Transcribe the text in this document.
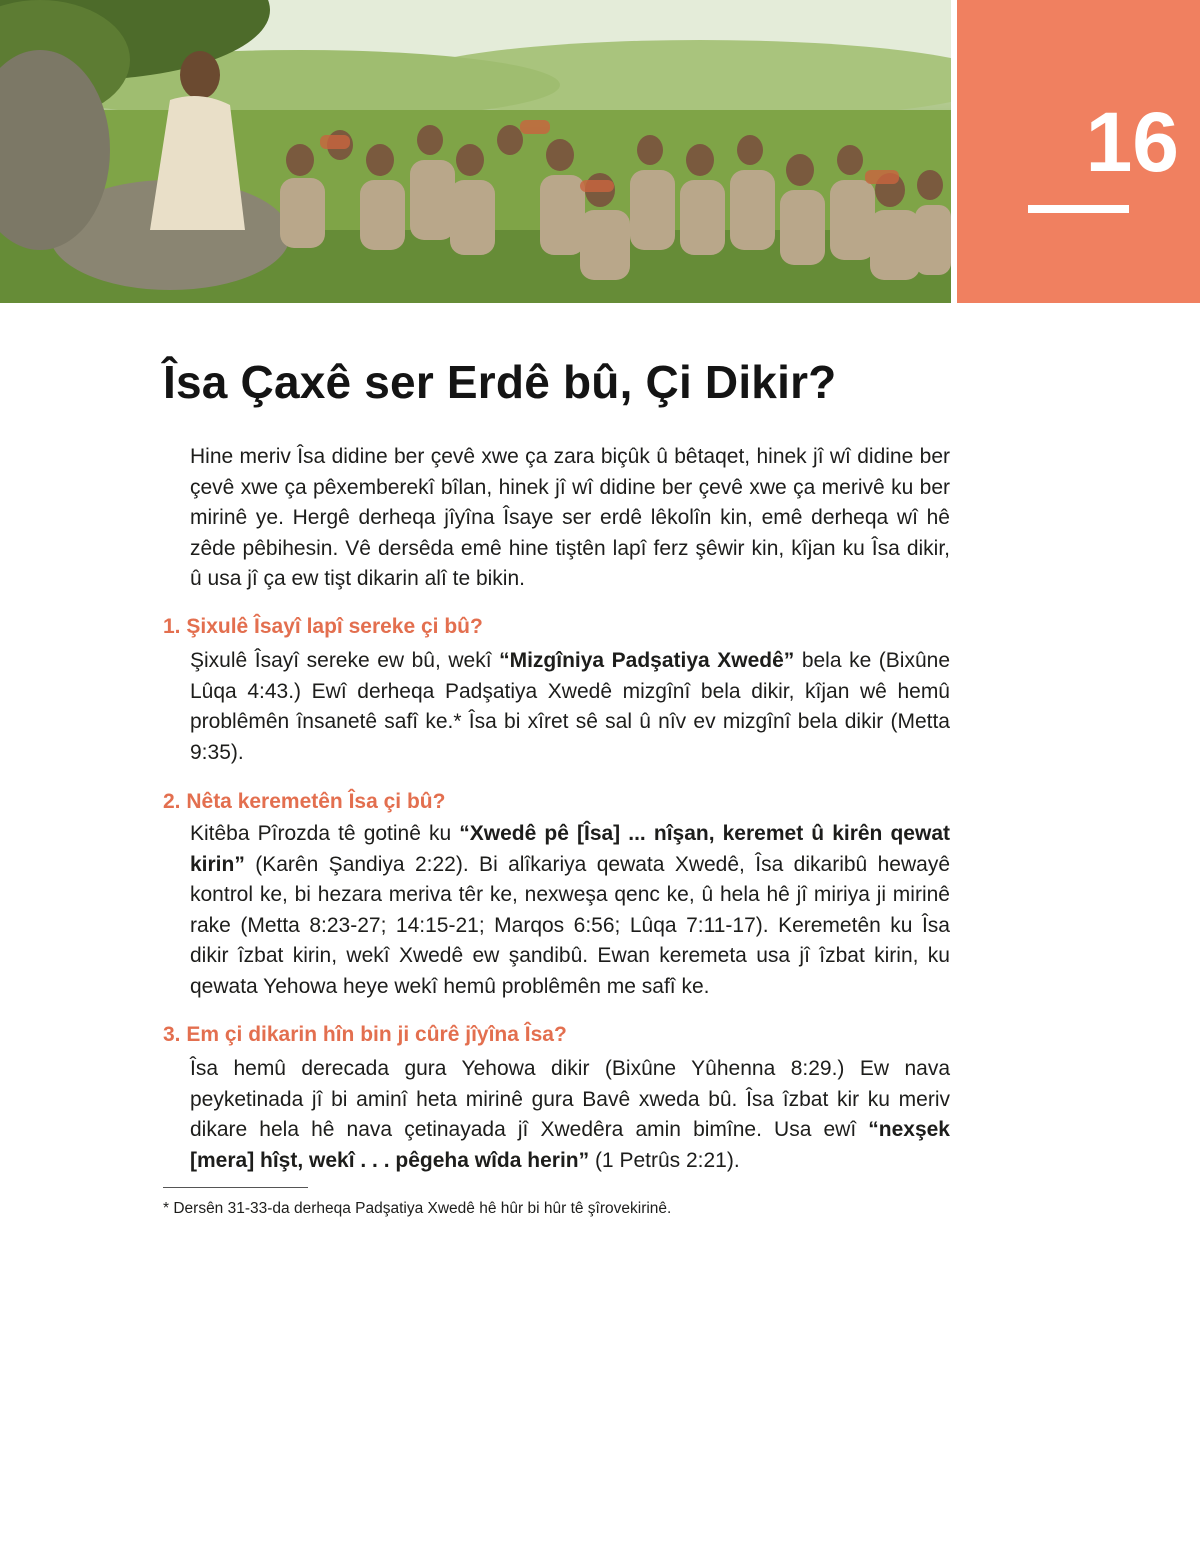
16
Îsa Çaxê ser Erdê bû, Çi Dikir?

Hine meriv Îsa didine ber çevê xwe ça zara biçûk û bêtaqet, hinek jî wî didine ber çevê xwe ça pêxemberekî bîlan, hinek jî wî didine ber çevê xwe ça merivê ku ber mirinê ye. Hergê derheqa jîyîna Îsaye ser erdê lêkolîn kin, emê derheqa wî hê zêde pêbihesin. Vê dersêda emê hine tiştên lapî ferz şêwir kin, kîjan ku Îsa dikir, û usa jî ça ew tişt dikarin alî te bikin.

1. Şixulê Îsayî lapî sereke çi bû?

Şixulê Îsayî sereke ew bû, wekî “Mizgîniya Padşatiya Xwedê” bela ke (Bixûne Lûqa 4:43.) Ewî derheqa Padşatiya Xwedê mizgînî bela dikir, kîjan wê hemû problêmên însanetê safî ke.* Îsa bi xîret sê sal û nîv ev mizgînî bela dikir (Metta 9:35).

2. Nêta keremetên Îsa çi bû?

Kitêba Pîrozda tê gotinê ku “Xwedê pê [Îsa] ... nîşan, keremet û kirên qewat kirin” (Karên Şandiya 2:22). Bi alîkariya qewata Xwedê, Îsa dikaribû hewayê kontrol ke, bi hezara meriva têr ke, nexweşa qenc ke, û hela hê jî miriya ji mirinê rake (Metta 8:23-27; 14:15-21; Marqos 6:56; Lûqa 7:11-17). Keremetên ku Îsa dikir îzbat kirin, wekî Xwedê ew şandibû. Ewan keremeta usa jî îzbat kirin, ku qewata Yehowa heye wekî hemû problêmên me safî ke.

3. Em çi dikarin hîn bin ji cûrê jîyîna Îsa?

Îsa hemû derecada gura Yehowa dikir (Bixûne Yûhenna 8:29.) Ew nava peyketinada jî bi aminî heta mirinê gura Bavê xweda bû. Îsa îzbat kir ku meriv dikare hela hê nava çetinayada jî Xwedêra amin bimîne. Usa ewî “nexşek [mera] hîşt, wekî . . . pêgeha wîda herin” (1 Petrûs 2:21).

* Dersên 31-33-da derheqa Padşatiya Xwedê hê hûr bi hûr tê şîrovekirinê.
